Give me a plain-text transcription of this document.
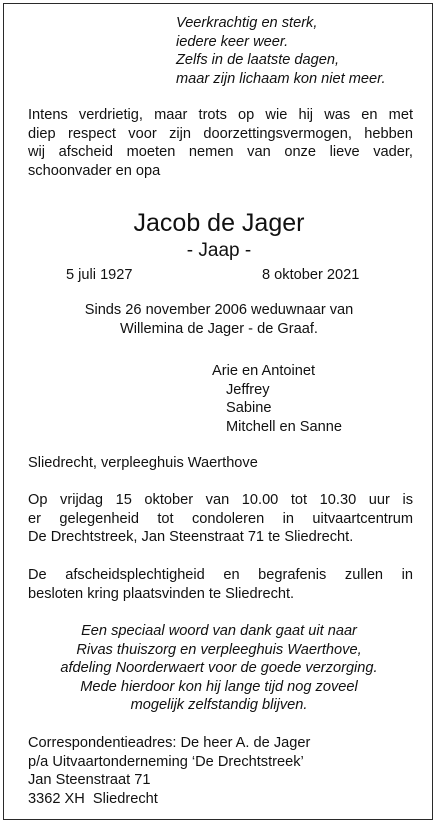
Veerkrachtig en sterk,
iedere keer weer.
Zelfs in de laatste dagen,
maar zijn lichaam kon niet meer.
Intens verdrietig, maar trots op wie hij was en met
diep respect voor zijn doorzettingsvermogen, hebben
wij afscheid moeten nemen van onze lieve vader,
schoonvader en opa
Jacob de Jager
- Jaap -
5 juli 1927	8 oktober 2021
Sinds 26 november 2006 weduwnaar van
Willemina de Jager - de Graaf.
Arie en Antoinet
Jeffrey
Sabine
Mitchell en Sanne
Sliedrecht, verpleeghuis Waerthove
Op vrijdag 15 oktober van 10.00 tot 10.30 uur is
er gelegenheid tot condoleren in uitvaartcentrum
De Drechtstreek, Jan Steenstraat 71 te Sliedrecht.
De afscheidsplechtigheid en begrafenis zullen in
besloten kring plaatsvinden te Sliedrecht.
Een speciaal woord van dank gaat uit naar
Rivas thuiszorg en verpleeghuis Waerthove,
afdeling Noorderwaert voor de goede verzorging.
Mede hierdoor kon hij lange tijd nog zoveel
mogelijk zelfstandig blijven.
Correspondentieadres: De heer A. de Jager
p/a Uitvaartonderneming ‘De Drechtstreek’
Jan Steenstraat 71
3362 XH  Sliedrecht
